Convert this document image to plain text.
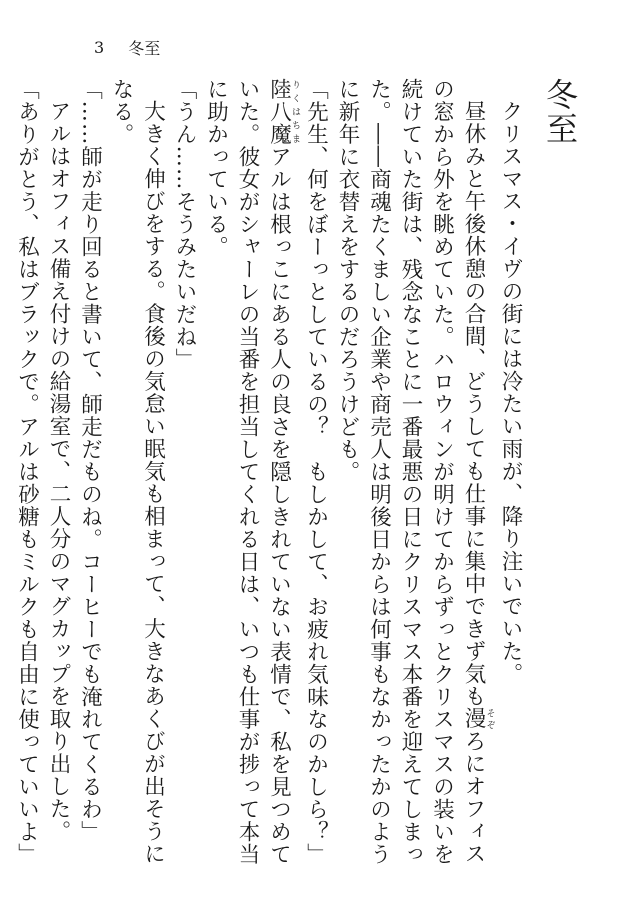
3 冬至
冬至

クリスマス・イヴの街には冷たい雨が、降り注いでいた。

昼休みと午後休憩の合間、どうしても仕事に集中できず気も漫そぞろにオフィスの窓から外を眺めていた。ハロウィンが明けてからずっとクリスマスの装いを続けていた街は、残念なことに一番最悪の日にクリスマス本番を迎えてしまった。――商魂たくましい企業や商売人は明後日からは何事もなかったかのように新年に衣替えをするのだろうけども。

「先生、何をぼーっとしているの？　もしかして、お疲れ気味なのかしら？」

陸八魔りくはちまアルは根っこにある人の良さを隠しきれていない表情で、私を見つめていた。彼女がシャーレの当番を担当してくれる日は、いつも仕事が捗って本当に助かっている。

「うん……そうみたいだね」

大きく伸びをする。食後の気怠い眠気も相まって、大きなあくびが出そうになる。

「……師が走り回ると書いて、師走だものね。コーヒーでも淹れてくるわ」

アルはオフィス備え付けの給湯室で、二人分のマグカップを取り出した。

「ありがとう、私はブラックで。アルは砂糖もミルクも自由に使っていいよ」
